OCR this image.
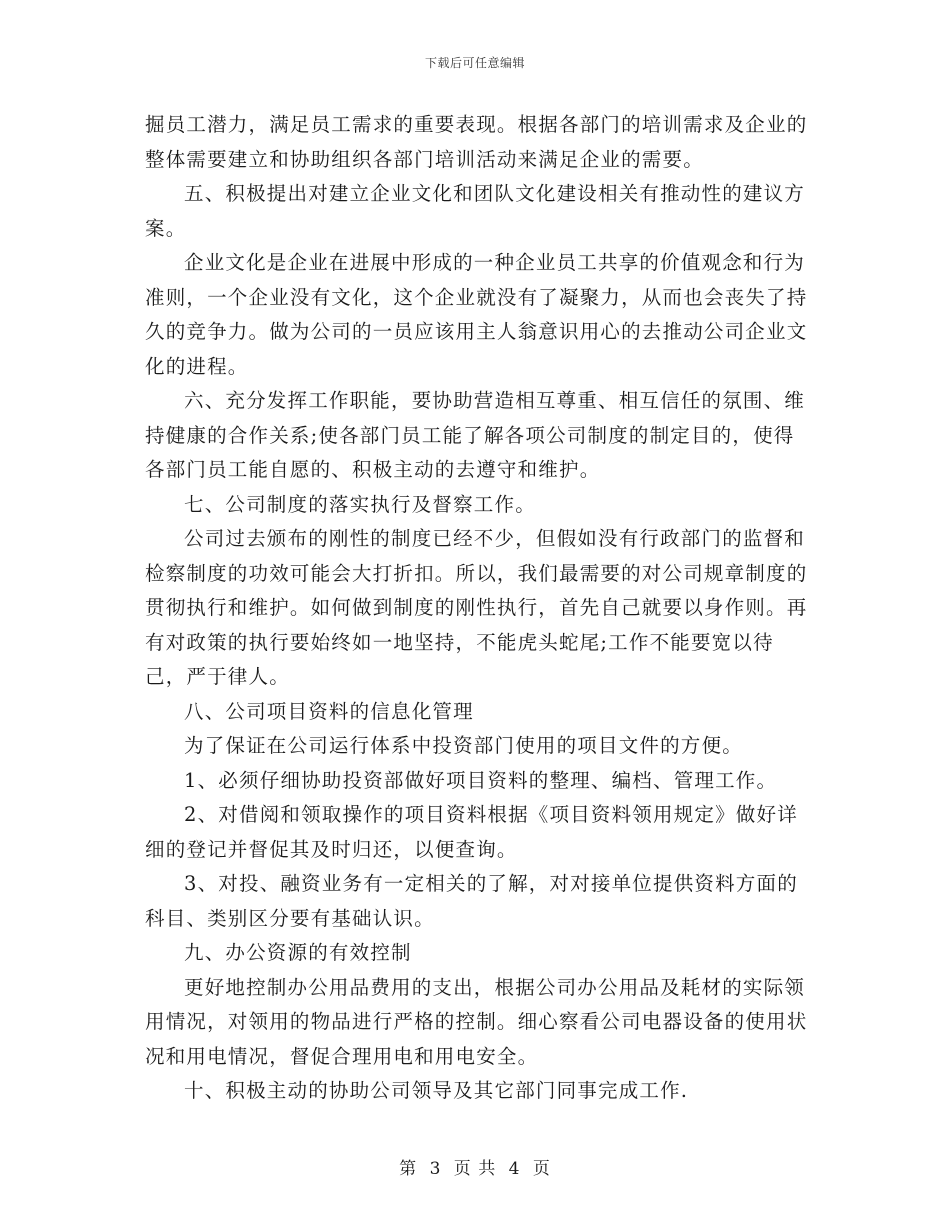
下载后可任意编辑

掘员工潜力，满足员工需求的重要表现。根据各部门的培训需求及企业的整体需要建立和协助组织各部门培训活动来满足企业的需要。

五、积极提出对建立企业文化和团队文化建设相关有推动性的建议方案。

企业文化是企业在进展中形成的一种企业员工共享的价值观念和行为准则，一个企业没有文化，这个企业就没有了凝聚力，从而也会丧失了持久的竞争力。做为公司的一员应该用主人翁意识用心的去推动公司企业文化的进程。

六、充分发挥工作职能，要协助营造相互尊重、相互信任的氛围、维持健康的合作关系;使各部门员工能了解各项公司制度的制定目的，使得各部门员工能自愿的、积极主动的去遵守和维护。

七、公司制度的落实执行及督察工作。

公司过去颁布的刚性的制度已经不少，但假如没有行政部门的监督和检察制度的功效可能会大打折扣。所以，我们最需要的对公司规章制度的贯彻执行和维护。如何做到制度的刚性执行，首先自己就要以身作则。再有对政策的执行要始终如一地坚持，不能虎头蛇尾;工作不能要宽以待己，严于律人。

八、公司项目资料的信息化管理

为了保证在公司运行体系中投资部门使用的项目文件的方便。

1、必须仔细协助投资部做好项目资料的整理、编档、管理工作。

2、对借阅和领取操作的项目资料根据《项目资料领用规定》做好详细的登记并督促其及时归还，以便查询。

3、对投、融资业务有一定相关的了解，对对接单位提供资料方面的科目、类别区分要有基础认识。

九、办公资源的有效控制

更好地控制办公用品费用的支出，根据公司办公用品及耗材的实际领用情况，对领用的物品进行严格的控制。细心察看公司电器设备的使用状况和用电情况，督促合理用电和用电安全。

十、积极主动的协助公司领导及其它部门同事完成工作.

第 3 页 共 4 页
